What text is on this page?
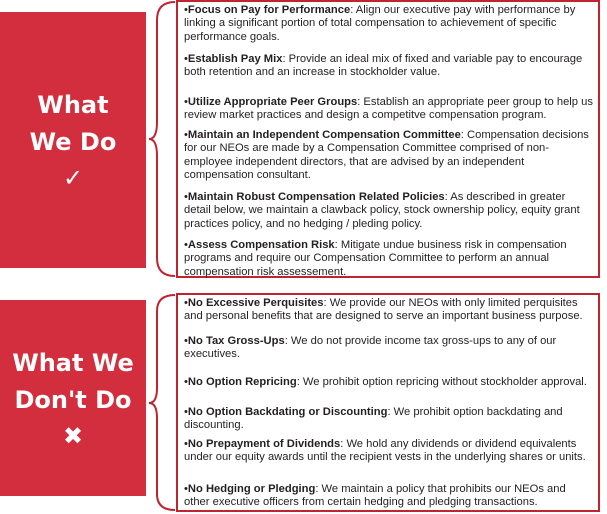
What
We Do
✓
•Focus on Pay for Performance: Align our executive pay with performance by linking a significant portion of total compensation to achievement of specific performance goals.
•Establish Pay Mix: Provide an ideal mix of fixed and variable pay to encourage both retention and an increase in stockholder value.
•Utilize Appropriate Peer Groups: Establish an appropriate peer group to help us review market practices and design a competitve compensation program.
•Maintain an Independent Compensation Committee: Compensation decisions for our NEOs are made by a Compensation Committee comprised of non-employee independent directors, that are advised by an independent compensation consultant.
•Maintain Robust Compensation Related Policies: As described in greater detail below, we maintain a clawback policy, stock ownership policy, equity grant practices policy, and no hedging / pleding policy.
•Assess Compensation Risk: Mitigate undue business risk in compensation programs and require our Compensation Committee to perform an annual compensation risk assessement.
What We
Don't Do
✖
•No Excessive Perquisites: We provide our NEOs with only limited perquisites and personal benefits that are designed to serve an important business purpose.
•No Tax Gross-Ups: We do not provide income tax gross-ups to any of our executives.
•No Option Repricing: We prohibit option repricing without stockholder approval.
•No Option Backdating or Discounting: We prohibit option backdating and discounting.
•No Prepayment of Dividends: We hold any dividends or dividend equivalents under our equity awards until the recipient vests in the underlying shares or units.
•No Hedging or Pledging: We maintain a policy that prohibits our NEOs and other executive officers from certain hedging and pledging transactions.
